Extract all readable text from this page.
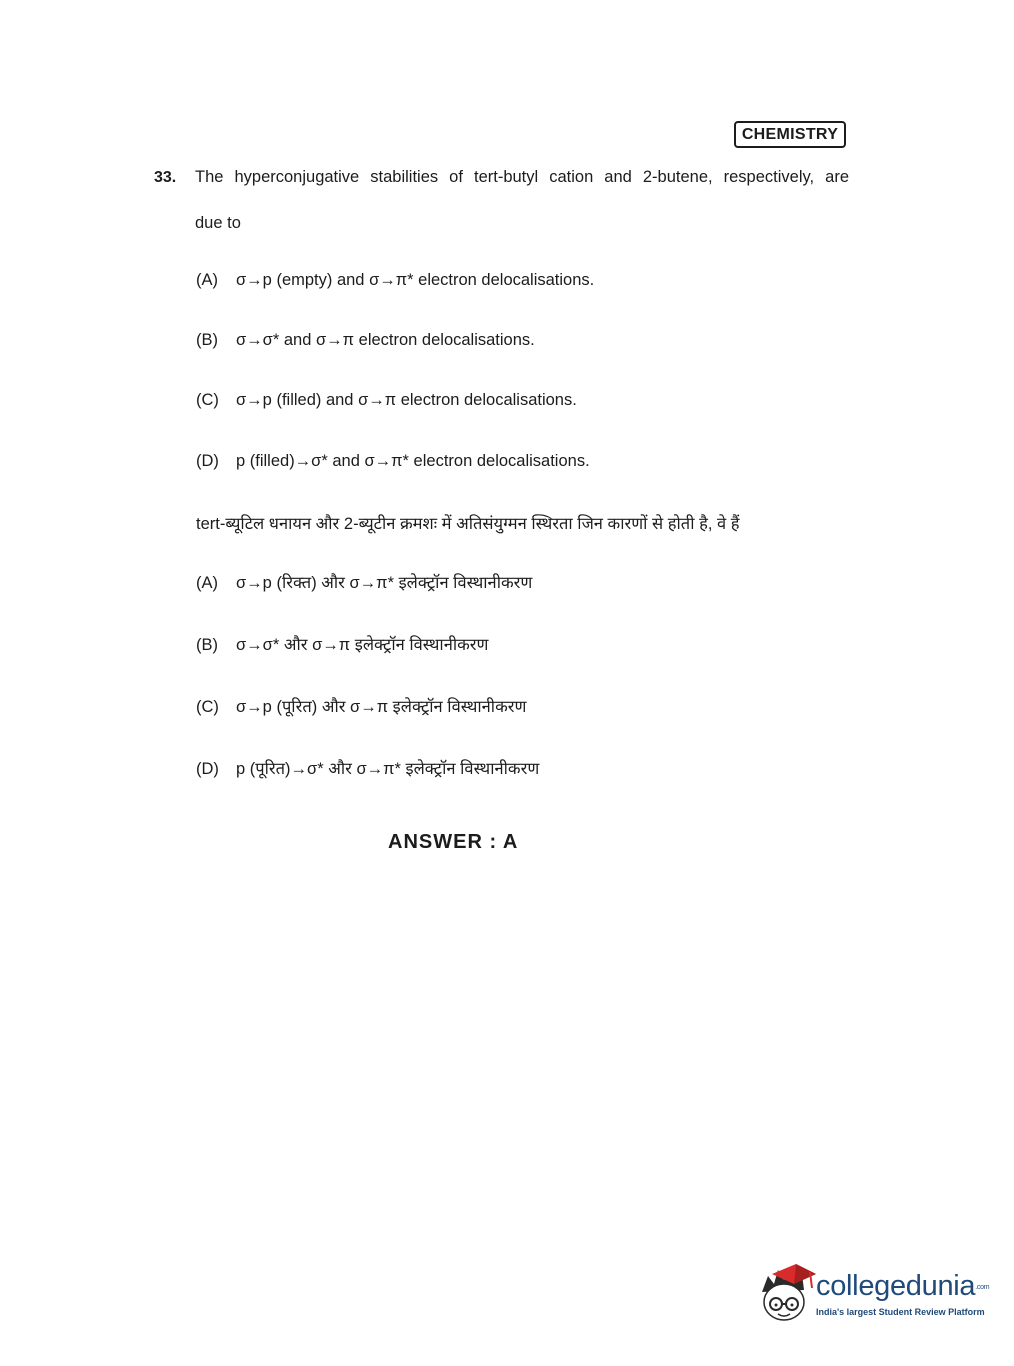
CHEMISTRY
33. The hyperconjugative stabilities of tert-butyl cation and 2-butene, respectively, are
due to
(A) σ→p (empty) and σ→π* electron delocalisations.
(B) σ→σ* and σ→π electron delocalisations.
(C) σ→p (filled) and σ→π electron delocalisations.
(D) p (filled)→σ* and σ→π* electron delocalisations.
tert-ब्यूटिल धनायन और 2-ब्यूटीन क्रमशः में अतिसंयुग्मन स्थिरता जिन कारणों से होती है, वे हैं
(A) σ→p (रिक्त) और σ→π* इलेक्ट्रॉन विस्थानीकरण
(B) σ→σ* और σ→π इलेक्ट्रॉन विस्थानीकरण
(C) σ→p (पूरित) और σ→π इलेक्ट्रॉन विस्थानीकरण
(D) p (पूरित)→σ* और σ→π* इलेक्ट्रॉन विस्थानीकरण
ANSWER : A
collegedunia.com
India's largest Student Review Platform
